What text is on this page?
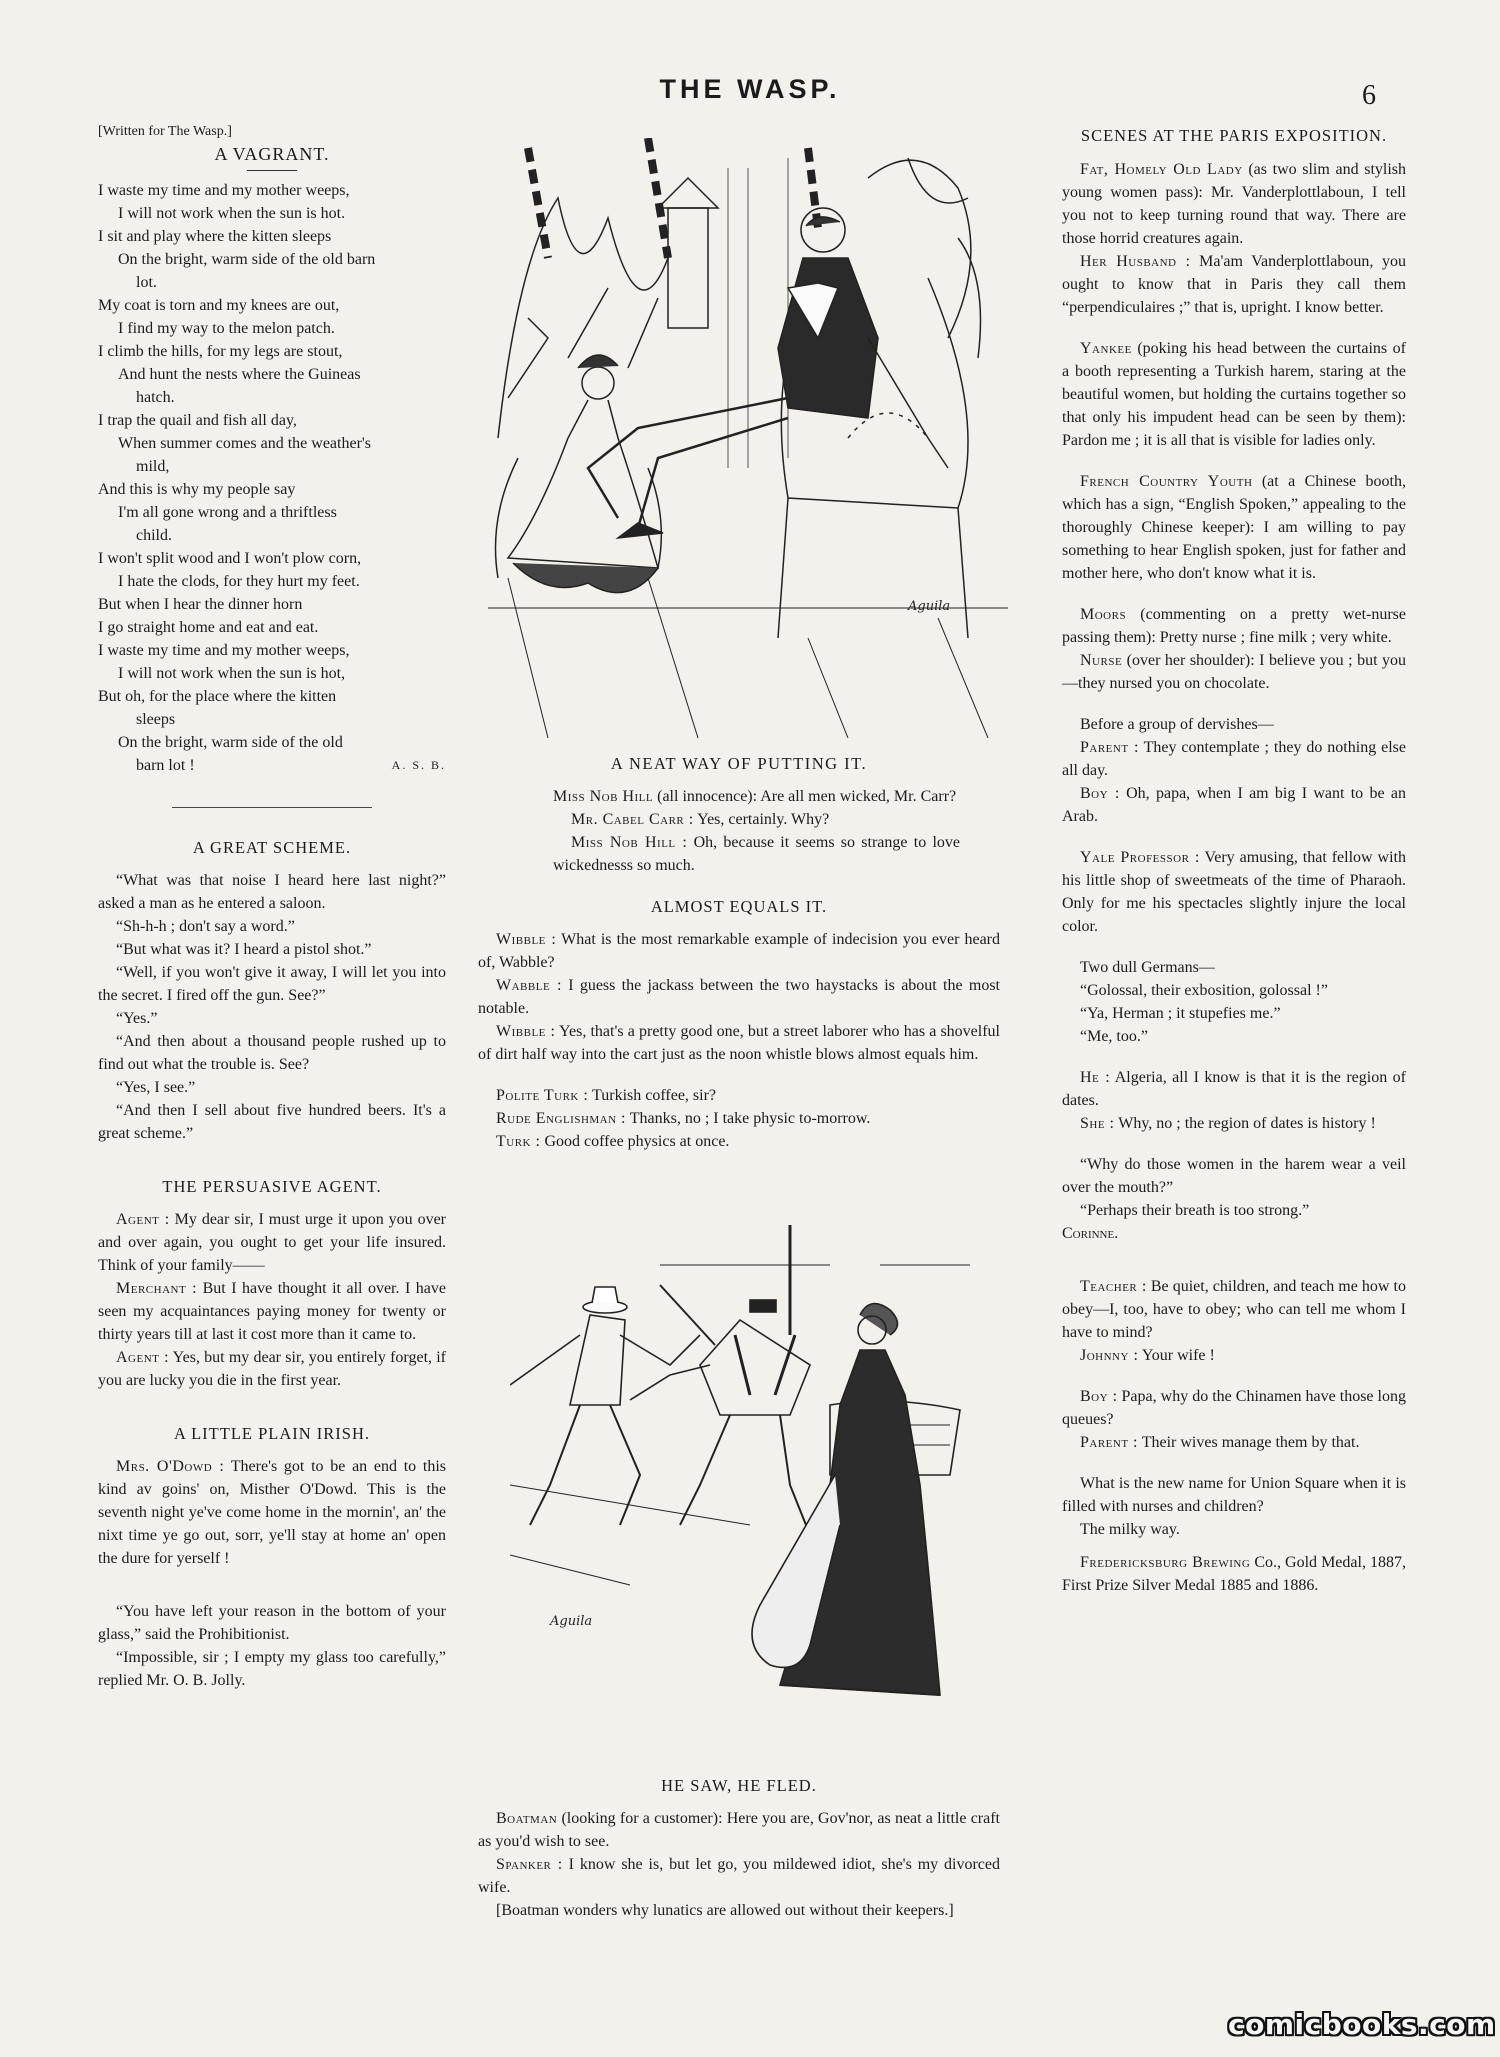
THE WASP.	6
[Written for The Wasp.]
A VAGRANT.
I waste my time and my mother weeps,
I will not work when the sun is hot.
I sit and play where the kitten sleeps
On the bright, warm side of the old barn
lot.
My coat is torn and my knees are out,
I find my way to the melon patch.
I climb the hills, for my legs are stout,
And hunt the nests where the Guineas
hatch.
I trap the quail and fish all day,
When summer comes and the weather's
mild,
And this is why my people say
I'm all gone wrong and a thriftless
child.
I won't split wood and I won't plow corn,
I hate the clods, for they hurt my feet.
But when I hear the dinner horn
I go straight home and eat and eat.
I waste my time and my mother weeps,
I will not work when the sun is hot,
But oh, for the place where the kitten
sleeps
On the bright, warm side of the old
barn lot !	A. S. B.
A GREAT SCHEME.

“What was that noise I heard here last night?” asked a man as he entered a saloon.

“Sh-h-h ; don't say a word.”

“But what was it? I heard a pistol shot.”

“Well, if you won't give it away, I will let you into the secret. I fired off the gun. See?”

“Yes.”

“And then about a thousand people rushed up to find out what the trouble is. See?

“Yes, I see.”

“And then I sell about five hundred beers. It's a great scheme.”

THE PERSUASIVE AGENT.

Agent : My dear sir, I must urge it upon you over and over again, you ought to get your life insured. Think of your family——

Merchant : But I have thought it all over. I have seen my acquaintances paying money for twenty or thirty years till at last it cost more than it came to.

Agent : Yes, but my dear sir, you entirely forget, if you are lucky you die in the first year.

A LITTLE PLAIN IRISH.

Mrs. O'Dowd : There's got to be an end to this kind av goins' on, Misther O'Dowd. This is the seventh night ye've come home in the mornin', an' the nixt time ye go out, sorr, ye'll stay at home an' open the dure for yerself !

“You have left your reason in the bottom of your glass,” said the Prohibitionist.

“Impossible, sir ; I empty my glass too carefully,” replied Mr. O. B. Jolly.

Aguila
A NEAT WAY OF PUTTING IT.

Miss Nob Hill (all innocence): Are all men wicked, Mr. Carr?

Mr. Cabel Carr : Yes, certainly. Why?

Miss Nob Hill : Oh, because it seems so strange to love wickednesss so much.

ALMOST EQUALS IT.

Wibble : What is the most remarkable example of indecision you ever heard of, Wabble?

Wabble : I guess the jackass between the two haystacks is about the most notable.

Wibble : Yes, that's a pretty good one, but a street laborer who has a shovelful of dirt half way into the cart just as the noon whistle blows almost equals him.

Polite Turk : Turkish coffee, sir?

Rude Englishman : Thanks, no ; I take physic to-morrow.

Turk : Good coffee physics at once.

Aguila
HE SAW, HE FLED.

Boatman (looking for a customer): Here you are, Gov'nor, as neat a little craft as you'd wish to see.

Spanker : I know she is, but let go, you mildewed idiot, she's my divorced wife.

[Boatman wonders why lunatics are allowed out without their keepers.]

SCENES AT THE PARIS EXPOSITION.

Fat, Homely Old Lady (as two slim and stylish young women pass): Mr. Vanderplottlaboun, I tell you not to keep turning round that way. There are those horrid creatures again.

Her Husband : Ma'am Vanderplottlaboun, you ought to know that in Paris they call them “perpendiculaires ;” that is, upright. I know better.

Yankee (poking his head between the curtains of a booth representing a Turkish harem, staring at the beautiful women, but holding the curtains together so that only his impudent head can be seen by them): Pardon me ; it is all that is visible for ladies only.

French Country Youth (at a Chinese booth, which has a sign, “English Spoken,” appealing to the thoroughly Chinese keeper): I am willing to pay something to hear English spoken, just for father and mother here, who don't know what it is.

Moors (commenting on a pretty wet-nurse passing them): Pretty nurse ; fine milk ; very white.

Nurse (over her shoulder): I believe you ; but you—they nursed you on chocolate.

Before a group of dervishes—

Parent : They contemplate ; they do nothing else all day.

Boy : Oh, papa, when I am big I want to be an Arab.

Yale Professor : Very amusing, that fellow with his little shop of sweetmeats of the time of Pharaoh. Only for me his spectacles slightly injure the local color.

Two dull Germans—

“Golossal, their exbosition, golossal !”

“Ya, Herman ; it stupefies me.”

“Me, too.”

He : Algeria, all I know is that it is the region of dates.

She : Why, no ; the region of dates is history !

“Why do those women in the harem wear a veil over the mouth?”

“Perhaps their breath is too strong.”

Corinne.

Teacher : Be quiet, children, and teach me how to obey—I, too, have to obey; who can tell me whom I have to mind?

Johnny : Your wife !

Boy : Papa, why do the Chinamen have those long queues?

Parent : Their wives manage them by that.

What is the new name for Union Square when it is filled with nurses and children?

The milky way.

Fredericksburg Brewing Co., Gold Medal, 1887, First Prize Silver Medal 1885 and 1886.

comicbooks.com
